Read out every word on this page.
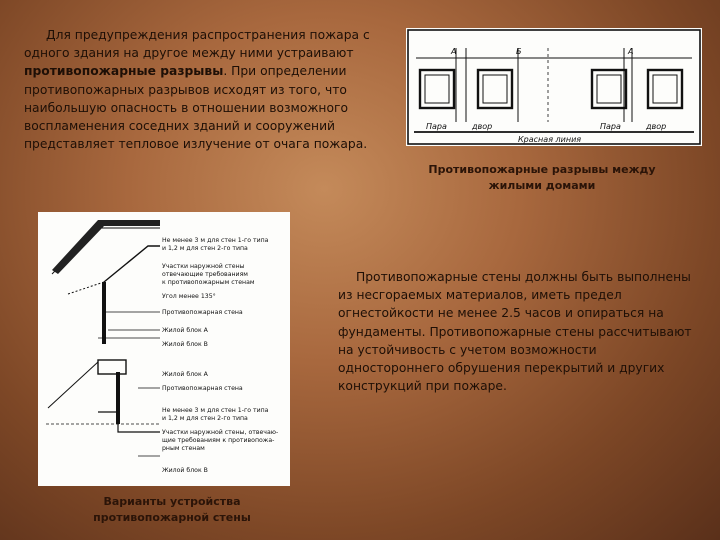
Для предупреждения распространения пожара с одного здания на другое между ними устраивают противопожарные разрывы. При определении противопожарных разрывов исходят из того, что наибольшую опасность в отношении возможного воспламенения соседних зданий и сооружений представляет тепловое излучение от очага пожара.
А	Б	А
Пара	двор	Пара	двор
Красная линия
Противопожарные разрывы между жилыми домами
Не менее 3 м для стен 1-го типа
и 1,2 м для стен 2-го типа
Участки наружной стены
отвечающие требованиям
к противопожарным стенам
Угол менее 135°
Противопожарная стена
Жилой блок А
Жилой блок В
Жилой блок А
Противопожарная стена
Не менее 3 м для стен 1-го типа
и 1,2 м для стен 2-го типа
Участки наружной стены, отвечаю-
щие требованиям к противопожа-
рным стенам
Жилой блок В
Варианты устройства противопожарной стены
Противопожарные стены должны быть выполнены из несгораемых материалов, иметь предел огнестойкости не менее 2.5 часов и опираться на фундаменты. Противопожарные стены рассчитывают на устойчивость с учетом возможности одностороннего обрушения перекрытий и других конструкций при пожаре.
